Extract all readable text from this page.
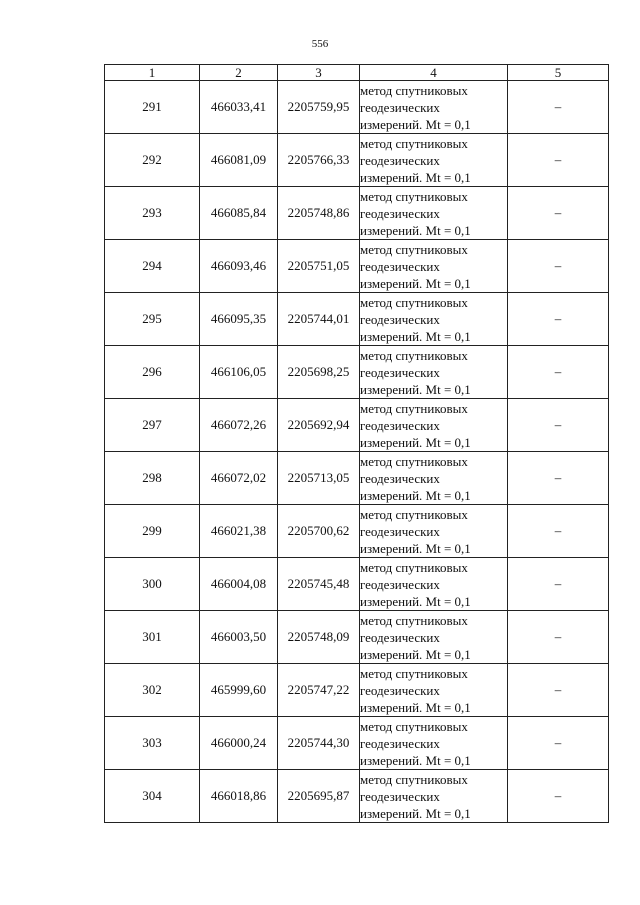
556
1	2	3	4	5
291	466033,41	2205759,95	метод спутниковых
геодезических
измерений. Mt = 0,1	–
292	466081,09	2205766,33	метод спутниковых
геодезических
измерений. Mt = 0,1	–
293	466085,84	2205748,86	метод спутниковых
геодезических
измерений. Mt = 0,1	–
294	466093,46	2205751,05	метод спутниковых
геодезических
измерений. Mt = 0,1	–
295	466095,35	2205744,01	метод спутниковых
геодезических
измерений. Mt = 0,1	–
296	466106,05	2205698,25	метод спутниковых
геодезических
измерений. Mt = 0,1	–
297	466072,26	2205692,94	метод спутниковых
геодезических
измерений. Mt = 0,1	–
298	466072,02	2205713,05	метод спутниковых
геодезических
измерений. Mt = 0,1	–
299	466021,38	2205700,62	метод спутниковых
геодезических
измерений. Mt = 0,1	–
300	466004,08	2205745,48	метод спутниковых
геодезических
измерений. Mt = 0,1	–
301	466003,50	2205748,09	метод спутниковых
геодезических
измерений. Mt = 0,1	–
302	465999,60	2205747,22	метод спутниковых
геодезических
измерений. Mt = 0,1	–
303	466000,24	2205744,30	метод спутниковых
геодезических
измерений. Mt = 0,1	–
304	466018,86	2205695,87	метод спутниковых
геодезических
измерений. Mt = 0,1	–
